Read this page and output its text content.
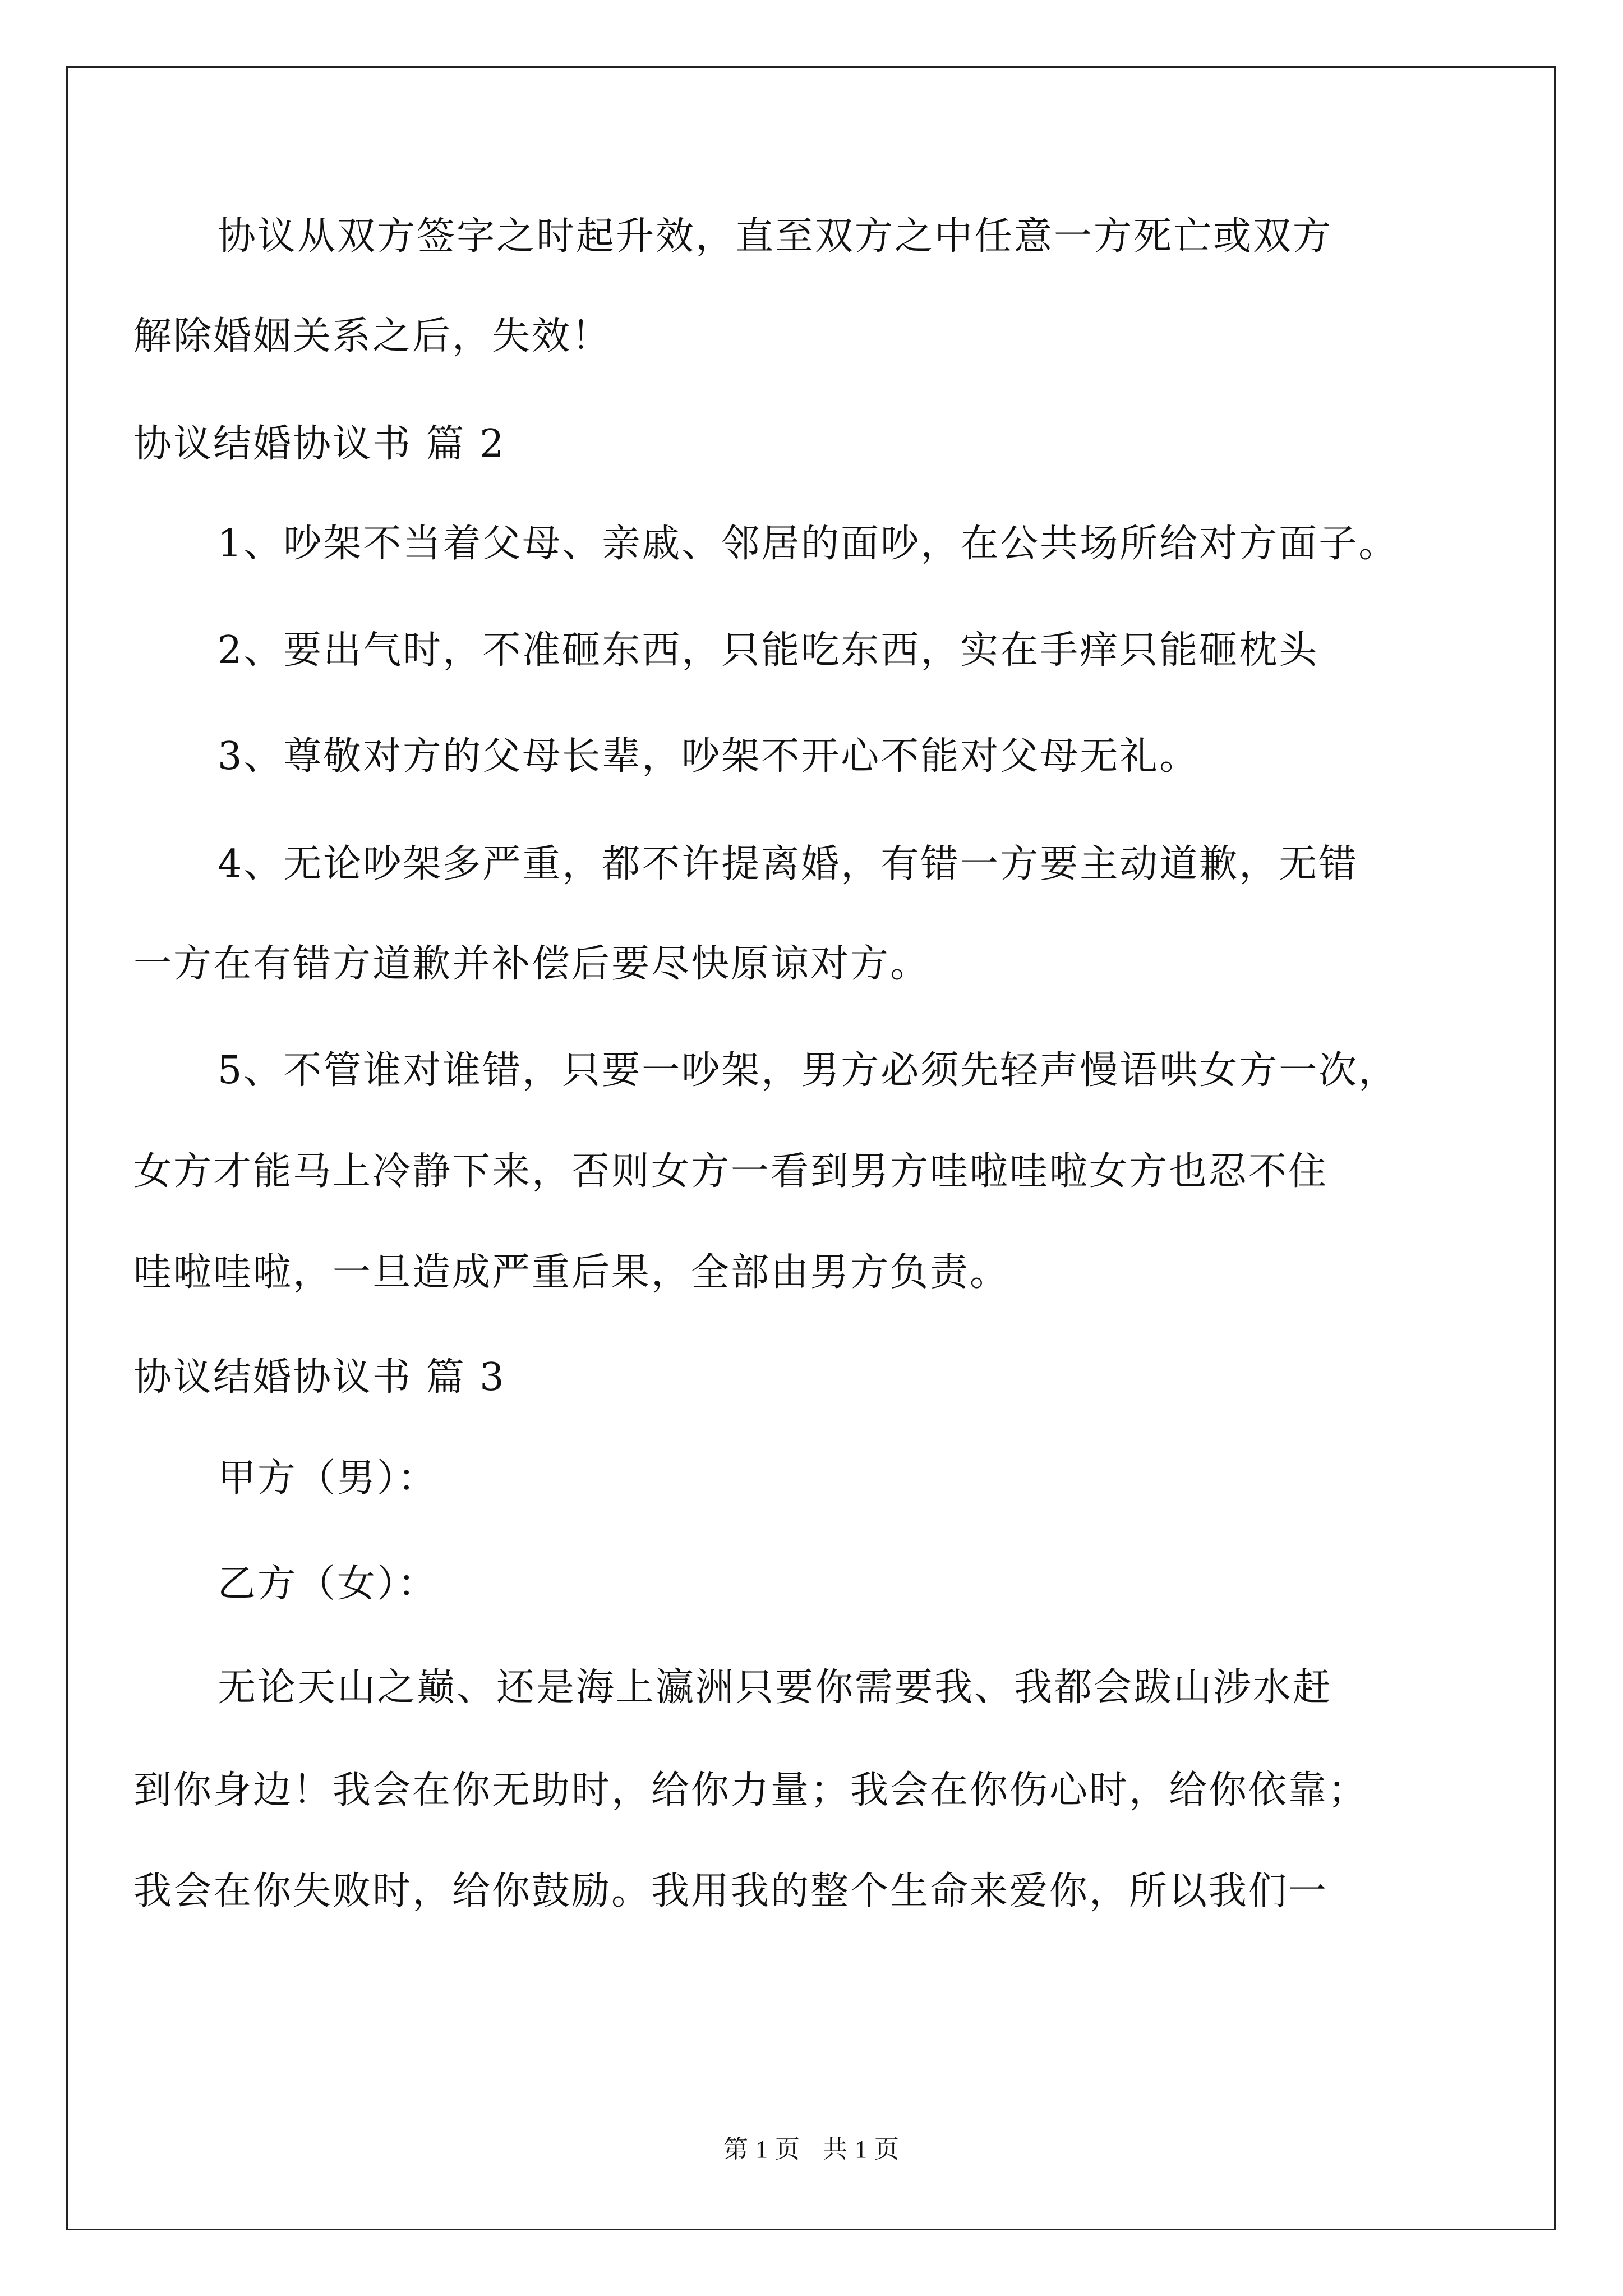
协议从双方签字之时起升效，直至双方之中任意一方死亡或双方
解除婚姻关系之后，失效！
协议结婚协议书 篇 2
1、吵架不当着父母、亲戚、邻居的面吵，在公共场所给对方面子。
2、要出气时，不准砸东西，只能吃东西，实在手痒只能砸枕头
3、尊敬对方的父母长辈，吵架不开心不能对父母无礼。
4、无论吵架多严重，都不许提离婚，有错一方要主动道歉，无错
一方在有错方道歉并补偿后要尽快原谅对方。
5、不管谁对谁错，只要一吵架，男方必须先轻声慢语哄女方一次，
女方才能马上冷静下来，否则女方一看到男方哇啦哇啦女方也忍不住
哇啦哇啦，一旦造成严重后果，全部由男方负责。
协议结婚协议书 篇 3
甲方（男）：
乙方（女）：
无论天山之巅、还是海上瀛洲只要你需要我、我都会跋山涉水赶
到你身边！我会在你无助时，给你力量；我会在你伤心时，给你依靠；
我会在你失败时，给你鼓励。我用我的整个生命来爱你，所以我们一
第 1 页 共 1 页
